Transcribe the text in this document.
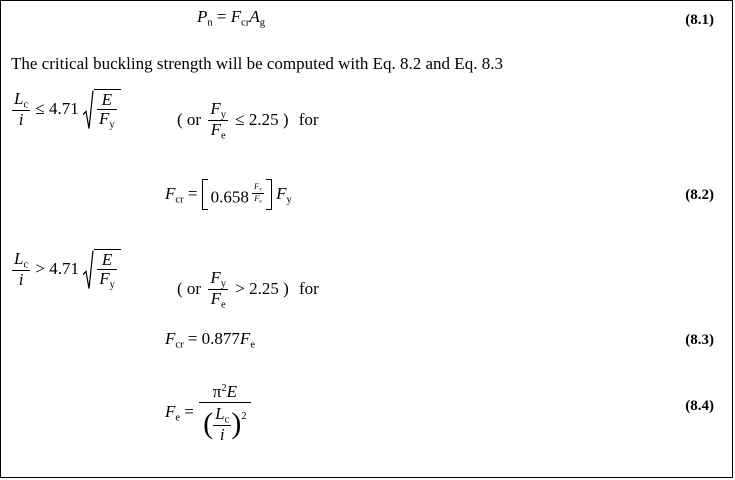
$P_n = F_{cr}A_g$	(8.1)
The critical buckling strength will be computed with Eq. 8.2 and Eq. 8.3
$\frac{L_c}{i} \le 4.71 \frac{E}{F_y}$	( or $\frac{F_y}{F_e} \le 2.25$ ) for
$F_{cr} = 0.658$ $^{\frac{F_y}{F_e}}$ $F_y$	(8.2)
$\frac{L_c}{i} > 4.71 \frac{E}{F_y}$	( or $\frac{F_y}{F_e} > 2.25$ ) for
$F_{cr} = 0.877F_e$	(8.3)
$F_e$ =
$\pi^2E$
( $\frac{L_c}{i}$ ) $^2$
(8.4)
